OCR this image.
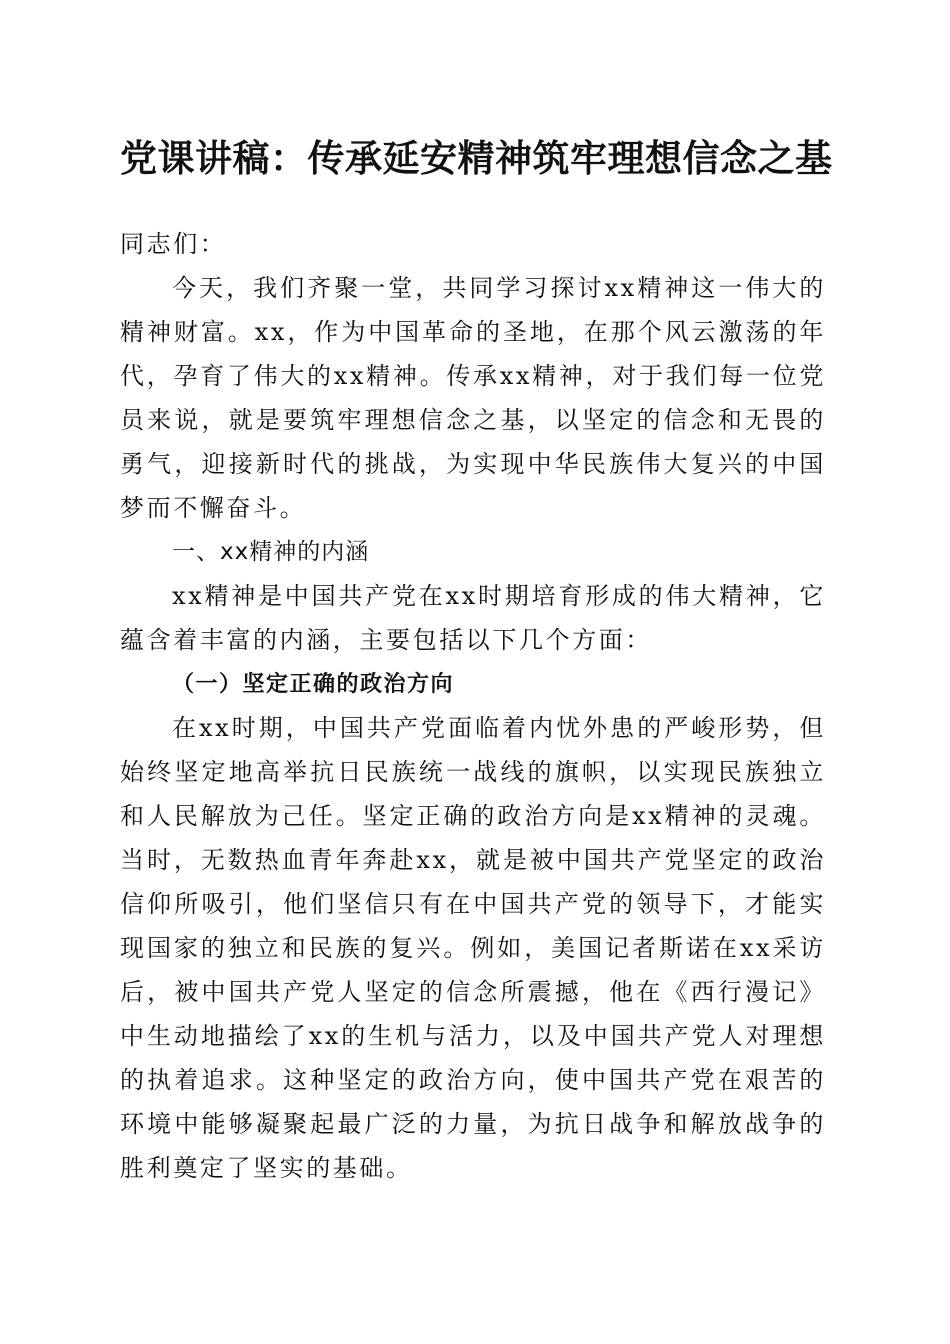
党课讲稿：传承延安精神筑牢理想信念之基

同志们：

今天，我们齐聚一堂，共同学习探讨xx精神这一伟大的精神财富。xx，作为中国革命的圣地，在那个风云激荡的年代，孕育了伟大的xx精神。传承xx精神，对于我们每一位党员来说，就是要筑牢理想信念之基，以坚定的信念和无畏的勇气，迎接新时代的挑战，为实现中华民族伟大复兴的中国梦而不懈奋斗。

一、xx精神的内涵

xx精神是中国共产党在xx时期培育形成的伟大精神，它蕴含着丰富的内涵，主要包括以下几个方面：

（一）坚定正确的政治方向

在xx时期，中国共产党面临着内忧外患的严峻形势，但始终坚定地高举抗日民族统一战线的旗帜，以实现民族独立和人民解放为己任。坚定正确的政治方向是xx精神的灵魂。当时，无数热血青年奔赴xx，就是被中国共产党坚定的政治信仰所吸引，他们坚信只有在中国共产党的领导下，才能实现国家的独立和民族的复兴。例如，美国记者斯诺在xx采访后，被中国共产党人坚定的信念所震撼，他在《西行漫记》中生动地描绘了xx的生机与活力，以及中国共产党人对理想的执着追求。这种坚定的政治方向，使中国共产党在艰苦的环境中能够凝聚起最广泛的力量，为抗日战争和解放战争的胜利奠定了坚实的基础。
